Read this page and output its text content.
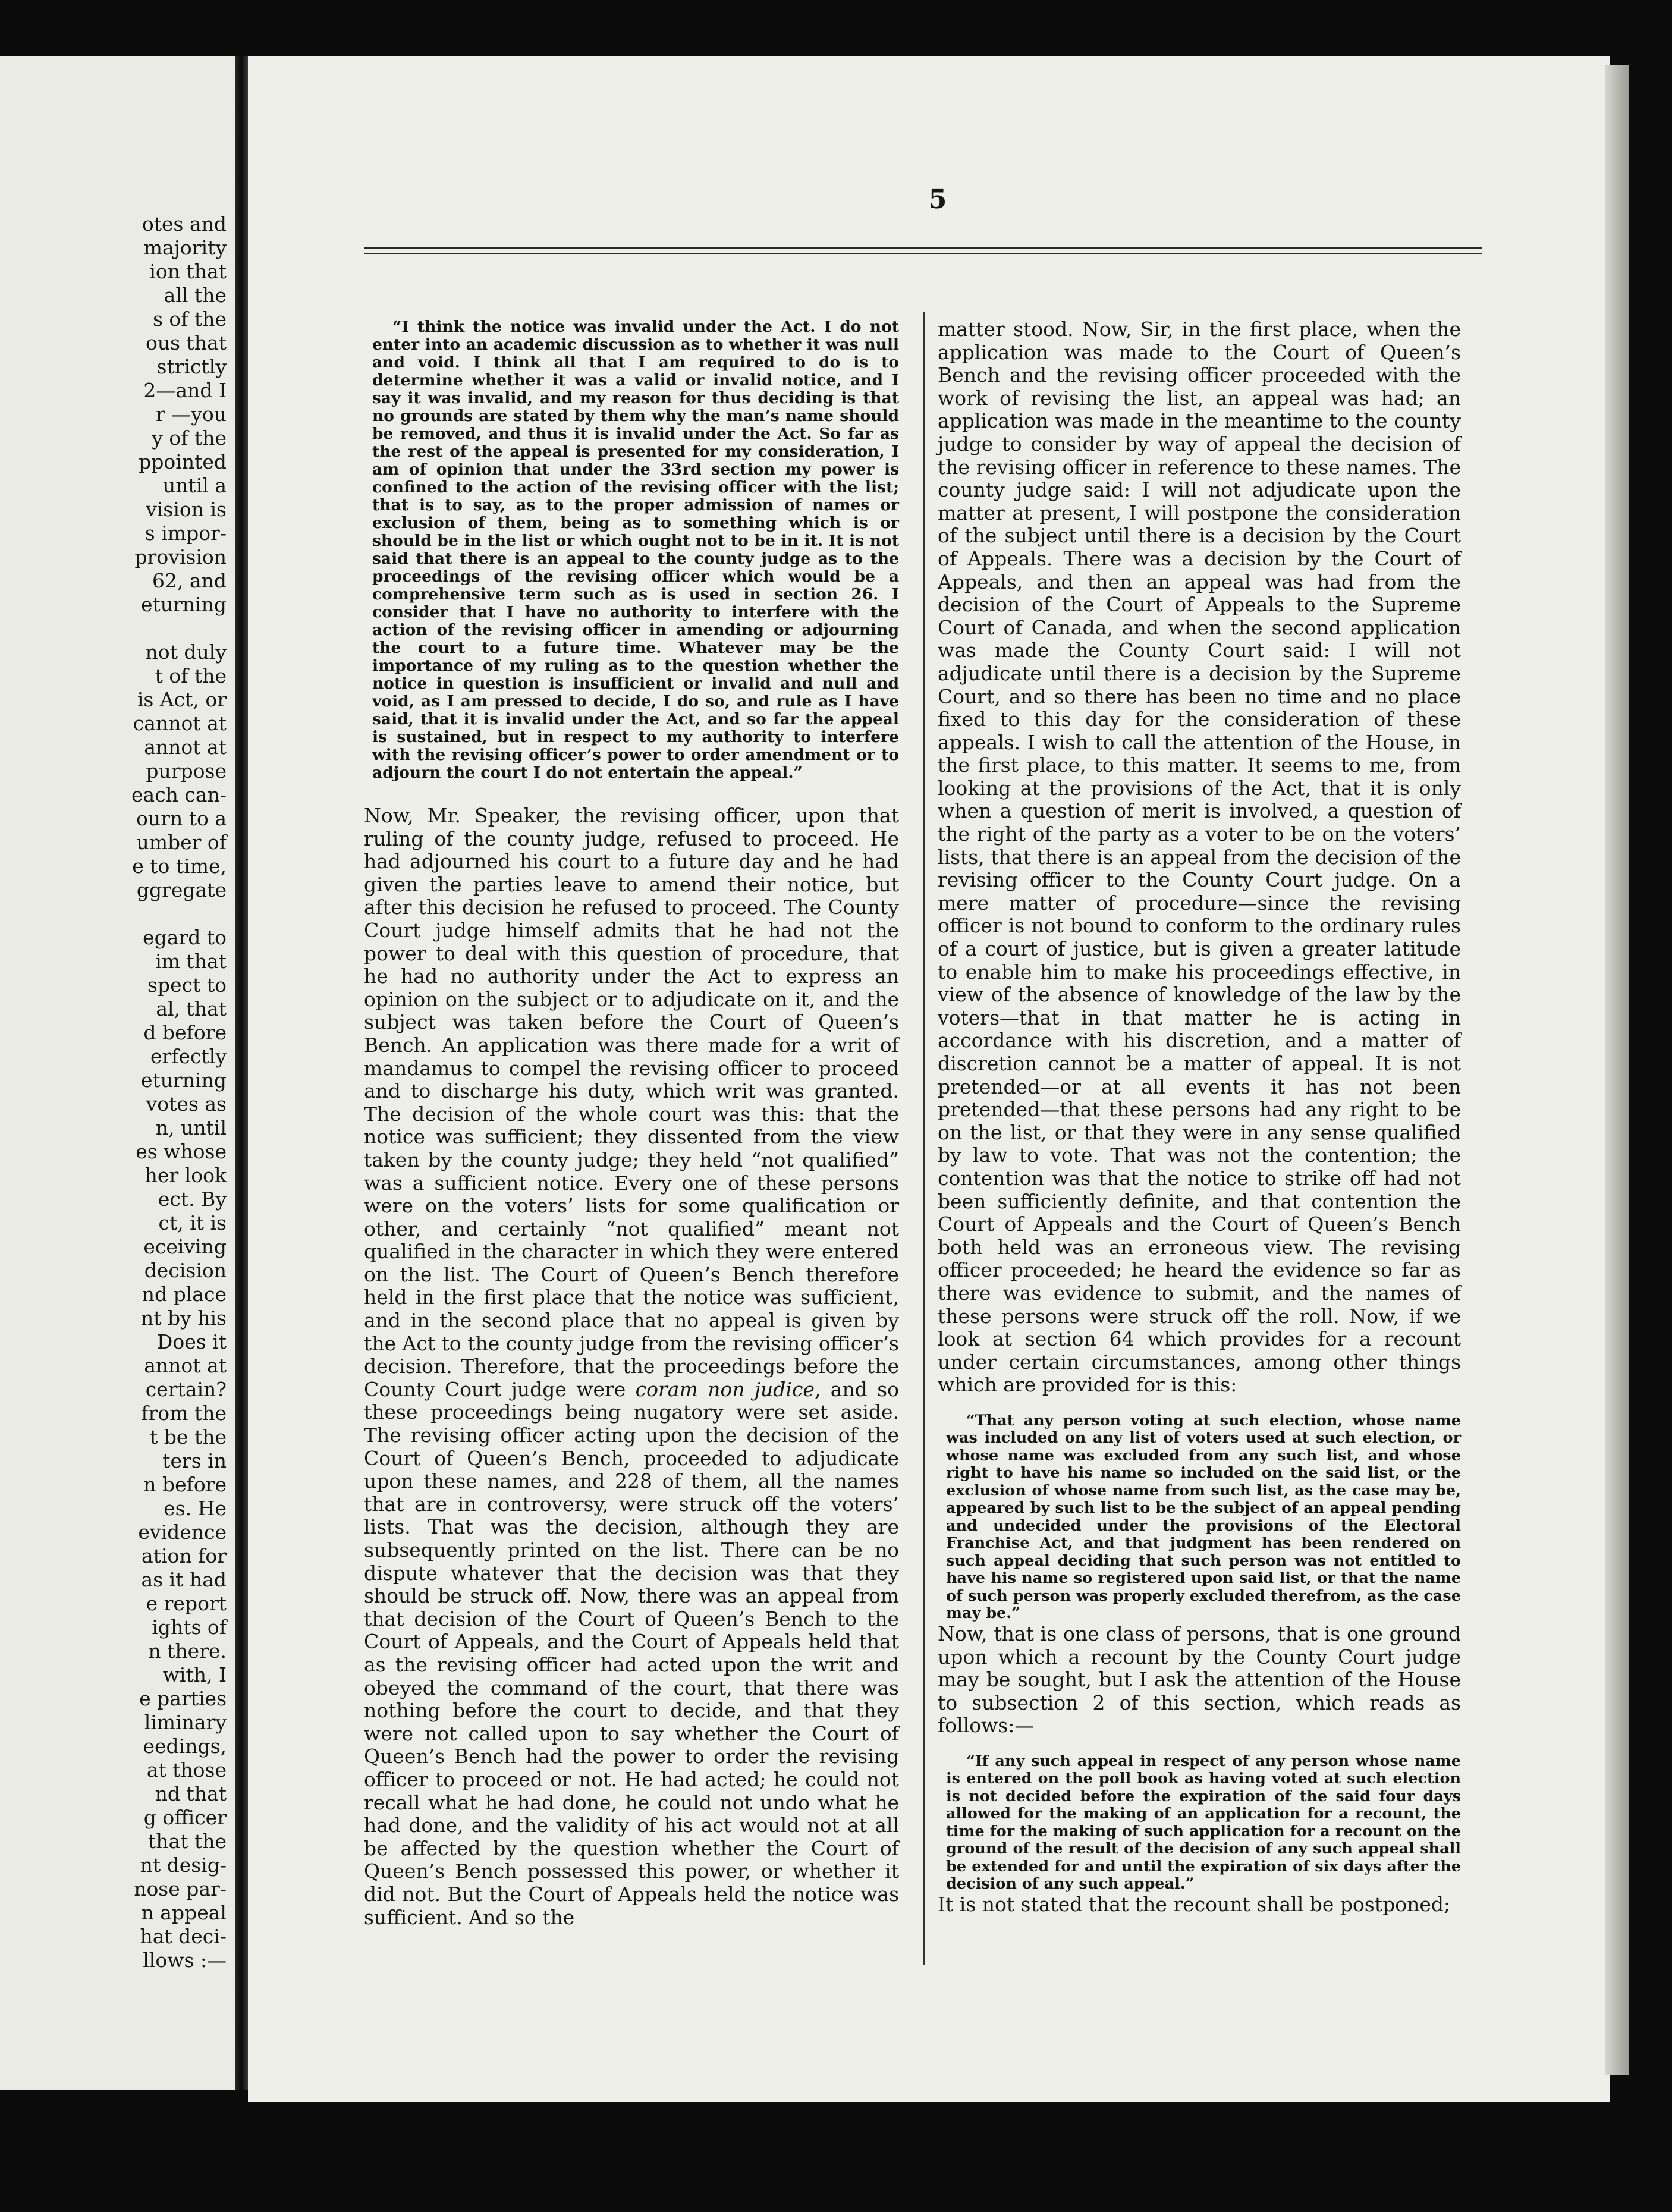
otes and
majority
ion that
all the
s of the
ous that
strictly
2—and I
r —you
y of the
ppointed
until a
vision is
s impor-
provision
62, and
eturning
not duly
t of the
is Act, or
cannot at
annot at
purpose
each can-
ourn to a
umber of
e to time,
ggregate
egard to
im that
spect to
al, that
d before
erfectly
eturning
votes as
n, until
es whose
her look
ect. By
ct, it is
eceiving
decision
nd place
nt by his
Does it
annot at
certain?
from the
t be the
ters in
n before
es. He
evidence
ation for
as it had
e report
ights of
n there.
with, I
e parties
liminary
eedings,
at those
nd that
g officer
that the
nt desig-
nose par-
n appeal
hat deci-
llows :—
5

“I think the notice was invalid under the Act. I do not enter into an academic discussion as to whether it was null and void. I think all that I am required to do is to determine whether it was a valid or invalid notice, and I say it was invalid, and my reason for thus deciding is that no grounds are stated by them why the man’s name should be removed, and thus it is invalid under the Act. So far as the rest of the appeal is presented for my consideration, I am of opinion that under the 33rd section my power is confined to the action of the revising officer with the list; that is to say, as to the proper admission of names or exclusion of them, being as to something which is or should be in the list or which ought not to be in it. It is not said that there is an appeal to the county judge as to the proceedings of the revising officer which would be a comprehensive term such as is used in section 26. I consider that I have no authority to interfere with the action of the revising officer in amending or adjourning the court to a future time. Whatever may be the importance of my ruling as to the question whether the notice in question is insufficient or invalid and null and void, as I am pressed to decide, I do so, and rule as I have said, that it is invalid under the Act, and so far the appeal is sustained, but in respect to my authority to interfere with the revising officer’s power to order amendment or to adjourn the court I do not entertain the appeal.”

Now, Mr. Speaker, the revising officer, upon that ruling of the county judge, refused to proceed. He had adjourned his court to a future day and he had given the parties leave to amend their notice, but after this decision he refused to proceed. The County Court judge himself admits that he had not the power to deal with this question of procedure, that he had no authority under the Act to express an opinion on the subject or to adjudicate on it, and the subject was taken before the Court of Queen’s Bench. An application was there made for a writ of mandamus to compel the revising officer to proceed and to discharge his duty, which writ was granted. The decision of the whole court was this: that the notice was sufficient; they dissented from the view taken by the county judge; they held “not qualified” was a sufficient notice. Every one of these persons were on the voters’ lists for some qualification or other, and certainly “not qualified” meant not qualified in the character in which they were entered on the list. The Court of Queen’s Bench therefore held in the first place that the notice was sufficient, and in the second place that no appeal is given by the Act to the county judge from the revising officer’s decision. Therefore, that the proceedings before the County Court judge were coram non judice, and so these proceedings being nugatory were set aside. The revising officer acting upon the decision of the Court of Queen’s Bench, proceeded to adjudicate upon these names, and 228 of them, all the names that are in controversy, were struck off the voters’ lists. That was the decision, although they are subsequently printed on the list. There can be no dispute whatever that the decision was that they should be struck off. Now, there was an appeal from that decision of the Court of Queen’s Bench to the Court of Appeals, and the Court of Appeals held that as the revising officer had acted upon the writ and obeyed the command of the court, that there was nothing before the court to decide, and that they were not called upon to say whether the Court of Queen’s Bench had the power to order the revising officer to proceed or not. He had acted; he could not recall what he had done, he could not undo what he had done, and the validity of his act would not at all be affected by the question whether the Court of Queen’s Bench possessed this power, or whether it did not. But the Court of Appeals held the notice was sufficient. And so the

matter stood. Now, Sir, in the first place, when the application was made to the Court of Queen’s Bench and the revising officer proceeded with the work of revising the list, an appeal was had; an application was made in the meantime to the county judge to consider by way of appeal the decision of the revising officer in reference to these names. The county judge said: I will not adjudicate upon the matter at present, I will postpone the consideration of the subject until there is a decision by the Court of Appeals. There was a decision by the Court of Appeals, and then an appeal was had from the decision of the Court of Appeals to the Supreme Court of Canada, and when the second application was made the County Court said: I will not adjudicate until there is a decision by the Supreme Court, and so there has been no time and no place fixed to this day for the consideration of these appeals. I wish to call the attention of the House, in the first place, to this matter. It seems to me, from looking at the provisions of the Act, that it is only when a question of merit is involved, a question of the right of the party as a voter to be on the voters’ lists, that there is an appeal from the decision of the revising officer to the County Court judge. On a mere matter of procedure—since the revising officer is not bound to conform to the ordinary rules of a court of justice, but is given a greater latitude to enable him to make his proceedings effective, in view of the absence of knowledge of the law by the voters—that in that matter he is acting in accordance with his discretion, and a matter of discretion cannot be a matter of appeal. It is not pretended—or at all events it has not been pretended—that these persons had any right to be on the list, or that they were in any sense qualified by law to vote. That was not the contention; the contention was that the notice to strike off had not been sufficiently definite, and that contention the Court of Appeals and the Court of Queen’s Bench both held was an erroneous view. The revising officer proceeded; he heard the evidence so far as there was evidence to submit, and the names of these persons were struck off the roll. Now, if we look at section 64 which provides for a recount under certain circumstances, among other things which are provided for is this:

“That any person voting at such election, whose name was included on any list of voters used at such election, or whose name was excluded from any such list, and whose right to have his name so included on the said list, or the exclusion of whose name from such list, as the case may be, appeared by such list to be the subject of an appeal pending and undecided under the provisions of the Electoral Franchise Act, and that judgment has been rendered on such appeal deciding that such person was not entitled to have his name so registered upon said list, or that the name of such person was properly excluded therefrom, as the case may be.”

Now, that is one class of persons, that is one ground upon which a recount by the County Court judge may be sought, but I ask the attention of the House to subsection 2 of this section, which reads as follows:—

“If any such appeal in respect of any person whose name is entered on the poll book as having voted at such election is not decided before the expiration of the said four days allowed for the making of an application for a recount, the time for the making of such application for a recount on the ground of the result of the decision of any such appeal shall be extended for and until the expiration of six days after the decision of any such appeal.”

It is not stated that the recount shall be postponed;
